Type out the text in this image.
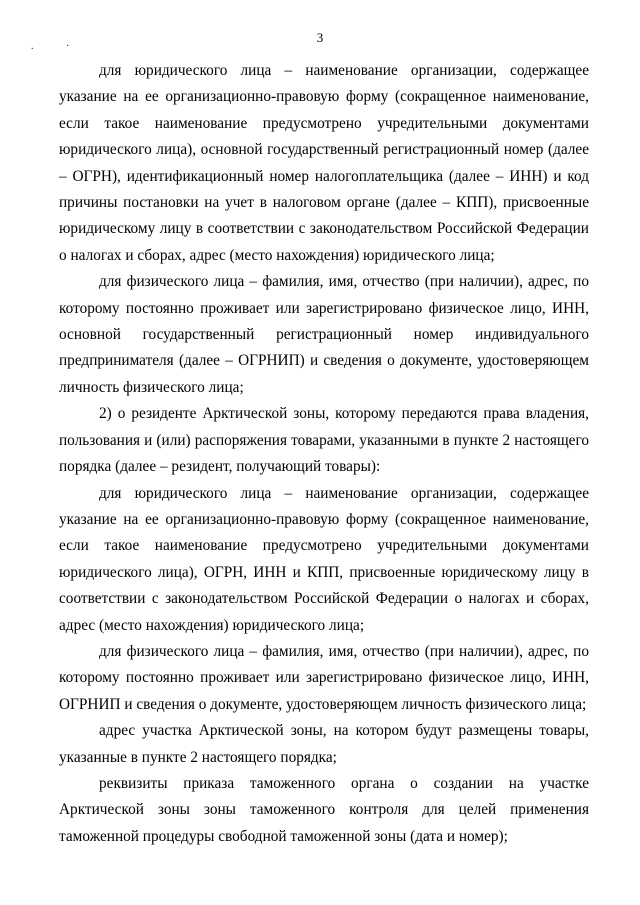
.	·
3

для юридического лица – наименование организации, содержащее указание на ее организационно-правовую форму (сокращенное наименование, если такое наименование предусмотрено учредительными документами юридического лица), основной государственный регистрационный номер (далее – ОГРН), идентификационный номер налогоплательщика (далее – ИНН) и код причины постановки на учет в налоговом органе (далее – КПП), присвоенные юридическому лицу в соответствии с законодательством Российской Федерации о налогах и сборах, адрес (место нахождения) юридического лица;

для физического лица – фамилия, имя, отчество (при наличии), адрес, по которому постоянно проживает или зарегистрировано физическое лицо, ИНН, основной государственный регистрационный номер индивидуального предпринимателя (далее – ОГРНИП) и сведения о документе, удостоверяющем личность физического лица;

2) о резиденте Арктической зоны, которому передаются права владения, пользования и (или) распоряжения товарами, указанными в пункте 2 настоящего порядка (далее – резидент, получающий товары):

для юридического лица – наименование организации, содержащее указание на ее организационно-правовую форму (сокращенное наименование, если такое наименование предусмотрено учредительными документами юридического лица), ОГРН, ИНН и КПП, присвоенные юридическому лицу в соответствии с законодательством Российской Федерации о налогах и сборах, адрес (место нахождения) юридического лица;

для физического лица – фамилия, имя, отчество (при наличии), адрес, по которому постоянно проживает или зарегистрировано физическое лицо, ИНН, ОГРНИП и сведения о документе, удостоверяющем личность физического лица;

адрес участка Арктической зоны, на котором будут размещены товары, указанные в пункте 2 настоящего порядка;

реквизиты приказа таможенного органа о создании на участке Арктической зоны зоны таможенного контроля для целей применения таможенной процедуры свободной таможенной зоны (дата и номер);
